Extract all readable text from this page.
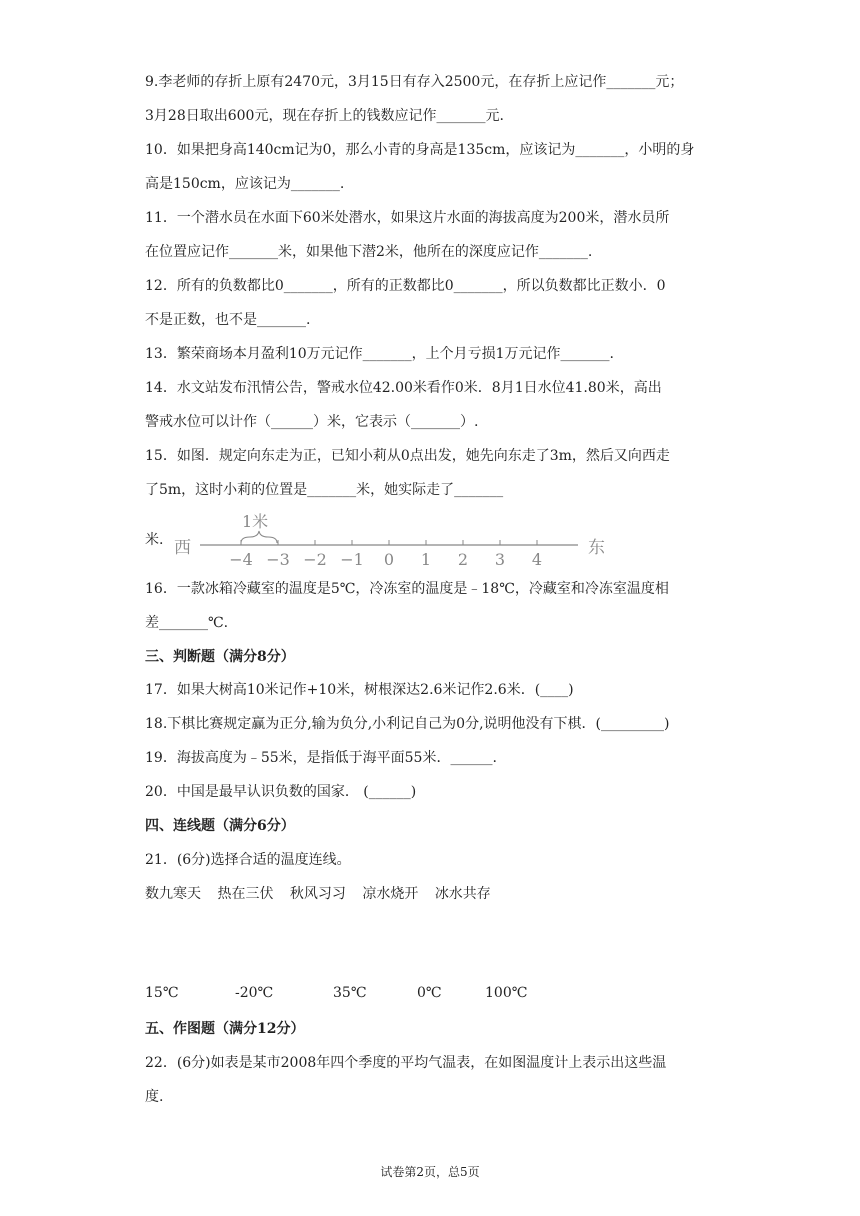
9.李老师的存折上原有2470元，3月15日有存入2500元，在存折上应记作_______元；
3月28日取出600元，现在存折上的钱数应记作_______元.
10．如果把身高140cm记为0，那么小青的身高是135cm，应该记为_______，小明的身
高是150cm，应该记为_______.
11．一个潜水员在水面下60米处潜水，如果这片水面的海拔高度为200米，潜水员所
在位置应记作_______米，如果他下潜2米，他所在的深度应记作_______.
12．所有的负数都比0_______，所有的正数都比0_______，所以负数都比正数小．0
不是正数，也不是_______.
13．繁荣商场本月盈利10万元记作_______，上个月亏损1万元记作_______.
14．水文站发布汛情公告，警戒水位42.00米看作0米．8月1日水位41.80米，高出
警戒水位可以计作（______）米，它表示（_______）.
15．如图．规定向东走为正，已知小莉从0点出发，她先向东走了3m，然后又向西走
了5m，这时小莉的位置是_______米，她实际走了_______
米. 西
−4 −3 −2 −1 0 1 2 3 4
1米
东
16．一款冰箱冷藏室的温度是5℃，冷冻室的温度是﹣18℃，冷藏室和冷冻室温度相
差_______℃.
三、判断题（满分8分）
17．如果大树高10米记作+10米，树根深达2.6米记作2.6米．(____)
18.下棋比赛规定赢为正分,输为负分,小利记自己为0分,说明他没有下棋．(_________)
19．海拔高度为﹣55米，是指低于海平面55米．______.
20．中国是最早认识负数的国家． (______)
四、连线题（满分6分）
21．(6分)选择合适的温度连线。
数九寒天 热在三伏 秋风习习 凉水烧开 冰水共存
15℃	-20℃	35℃	0℃	100℃
五、作图题（满分12分）
22．(6分)如表是某市2008年四个季度的平均气温表，在如图温度计上表示出这些温
度.
试卷第2页，总5页
